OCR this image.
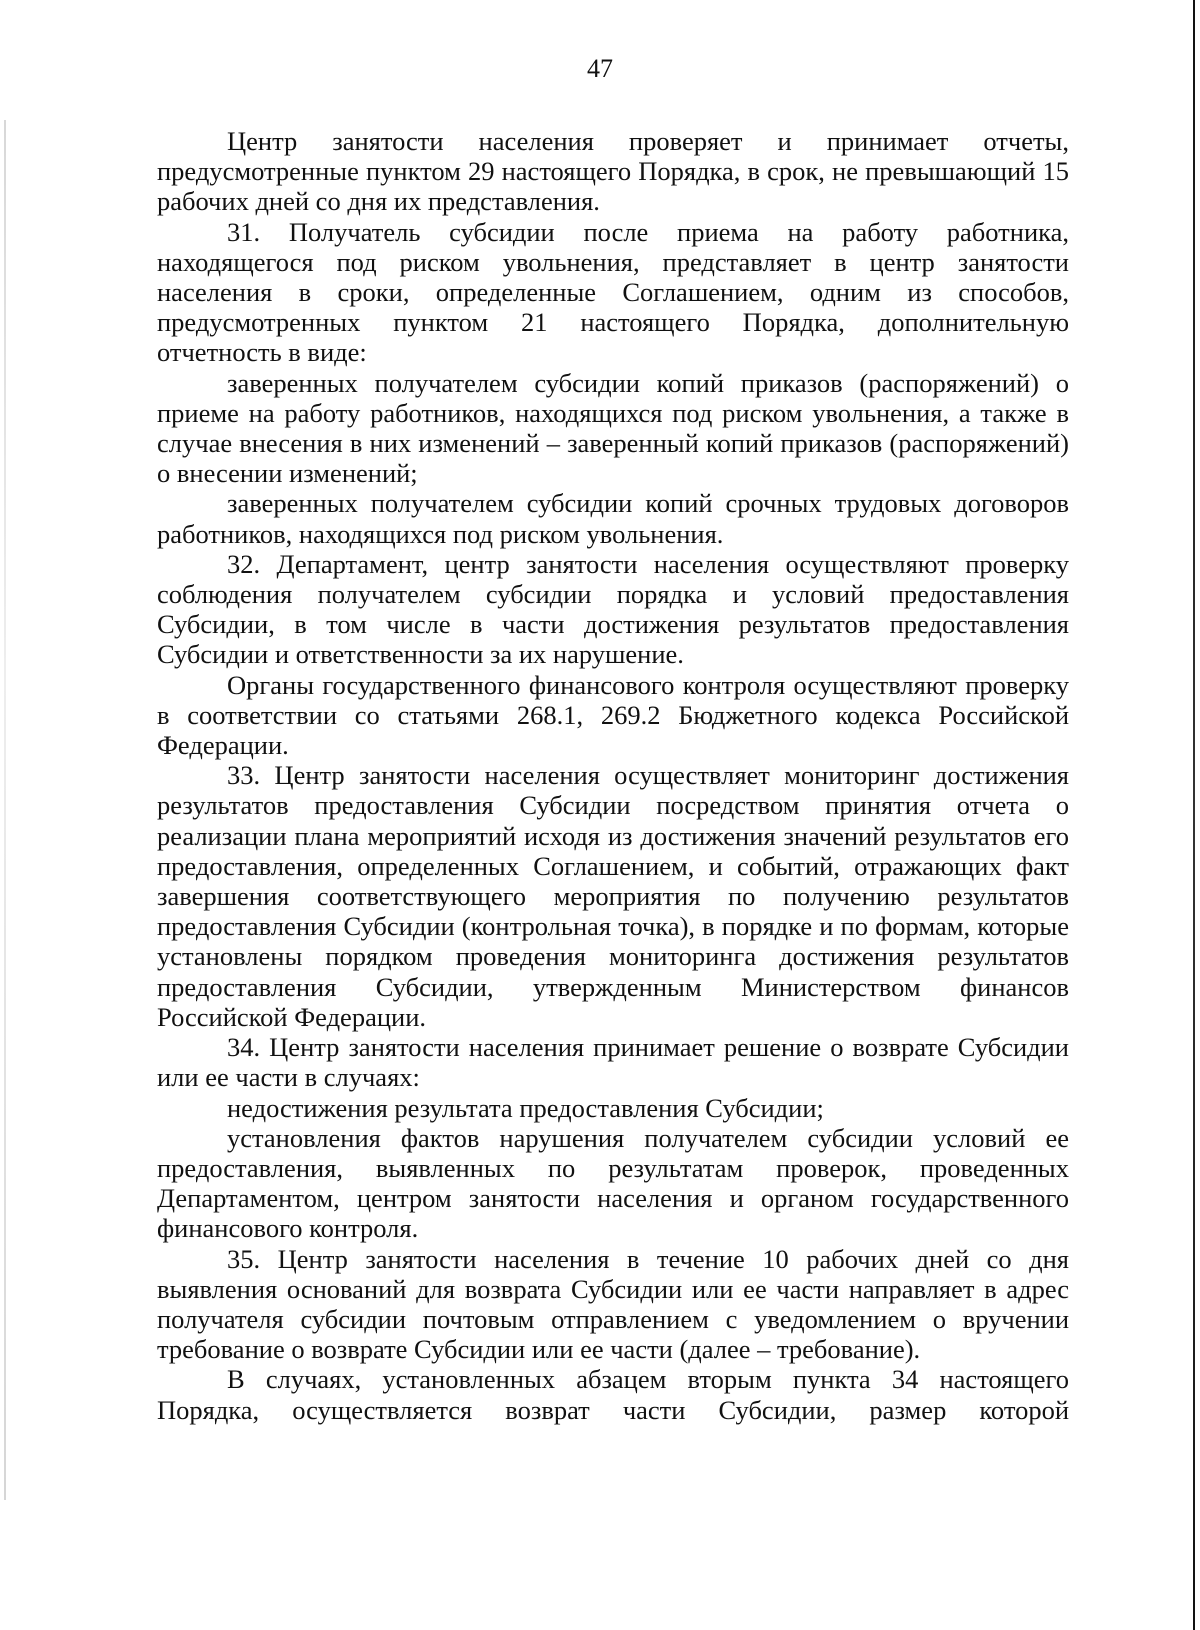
47

Центр занятости населения проверяет и принимает отчеты, предусмотренные пунктом 29 настоящего Порядка, в срок, не превышающий 15 рабочих дней со дня их представления.

31. Получатель субсидии после приема на работу работника, находящегося под риском увольнения, представляет в центр занятости населения в сроки, определенные Соглашением, одним из способов, предусмотренных пунктом 21 настоящего Порядка, дополнительную отчетность в виде:

заверенных получателем субсидии копий приказов (распоряжений) о приеме на работу работников, находящихся под риском увольнения, а также в случае внесения в них изменений – заверенный копий приказов (распоряжений) о внесении изменений;

заверенных получателем субсидии копий срочных трудовых договоров работников, находящихся под риском увольнения.

32. Департамент, центр занятости населения осуществляют проверку соблюдения получателем субсидии порядка и условий предоставления Субсидии, в том числе в части достижения результатов предоставления Субсидии и ответственности за их нарушение.

Органы государственного финансового контроля осуществляют проверку в соответствии со статьями 268.1, 269.2 Бюджетного кодекса Российской Федерации.

33. Центр занятости населения осуществляет мониторинг достижения результатов предоставления Субсидии посредством принятия отчета о реализации плана мероприятий исходя из достижения значений результатов его предоставления, определенных Соглашением, и событий, отражающих факт завершения соответствующего мероприятия по получению результатов предоставления Субсидии (контрольная точка), в порядке и по формам, которые установлены порядком проведения мониторинга достижения результатов предоставления Субсидии, утвержденным Министерством финансов Российской Федерации.

34. Центр занятости населения принимает решение о возврате Субсидии или ее части в случаях:

недостижения результата предоставления Субсидии;

установления фактов нарушения получателем субсидии условий ее предоставления, выявленных по результатам проверок, проведенных Департаментом, центром занятости населения и органом государственного финансового контроля.

35. Центр занятости населения в течение 10 рабочих дней со дня выявления оснований для возврата Субсидии или ее части направляет в адрес получателя субсидии почтовым отправлением с уведомлением о вручении требование о возврате Субсидии или ее части (далее – требование).

В случаях, установленных абзацем вторым пункта 34 настоящего Порядка, осуществляется возврат части Субсидии, размер которой
